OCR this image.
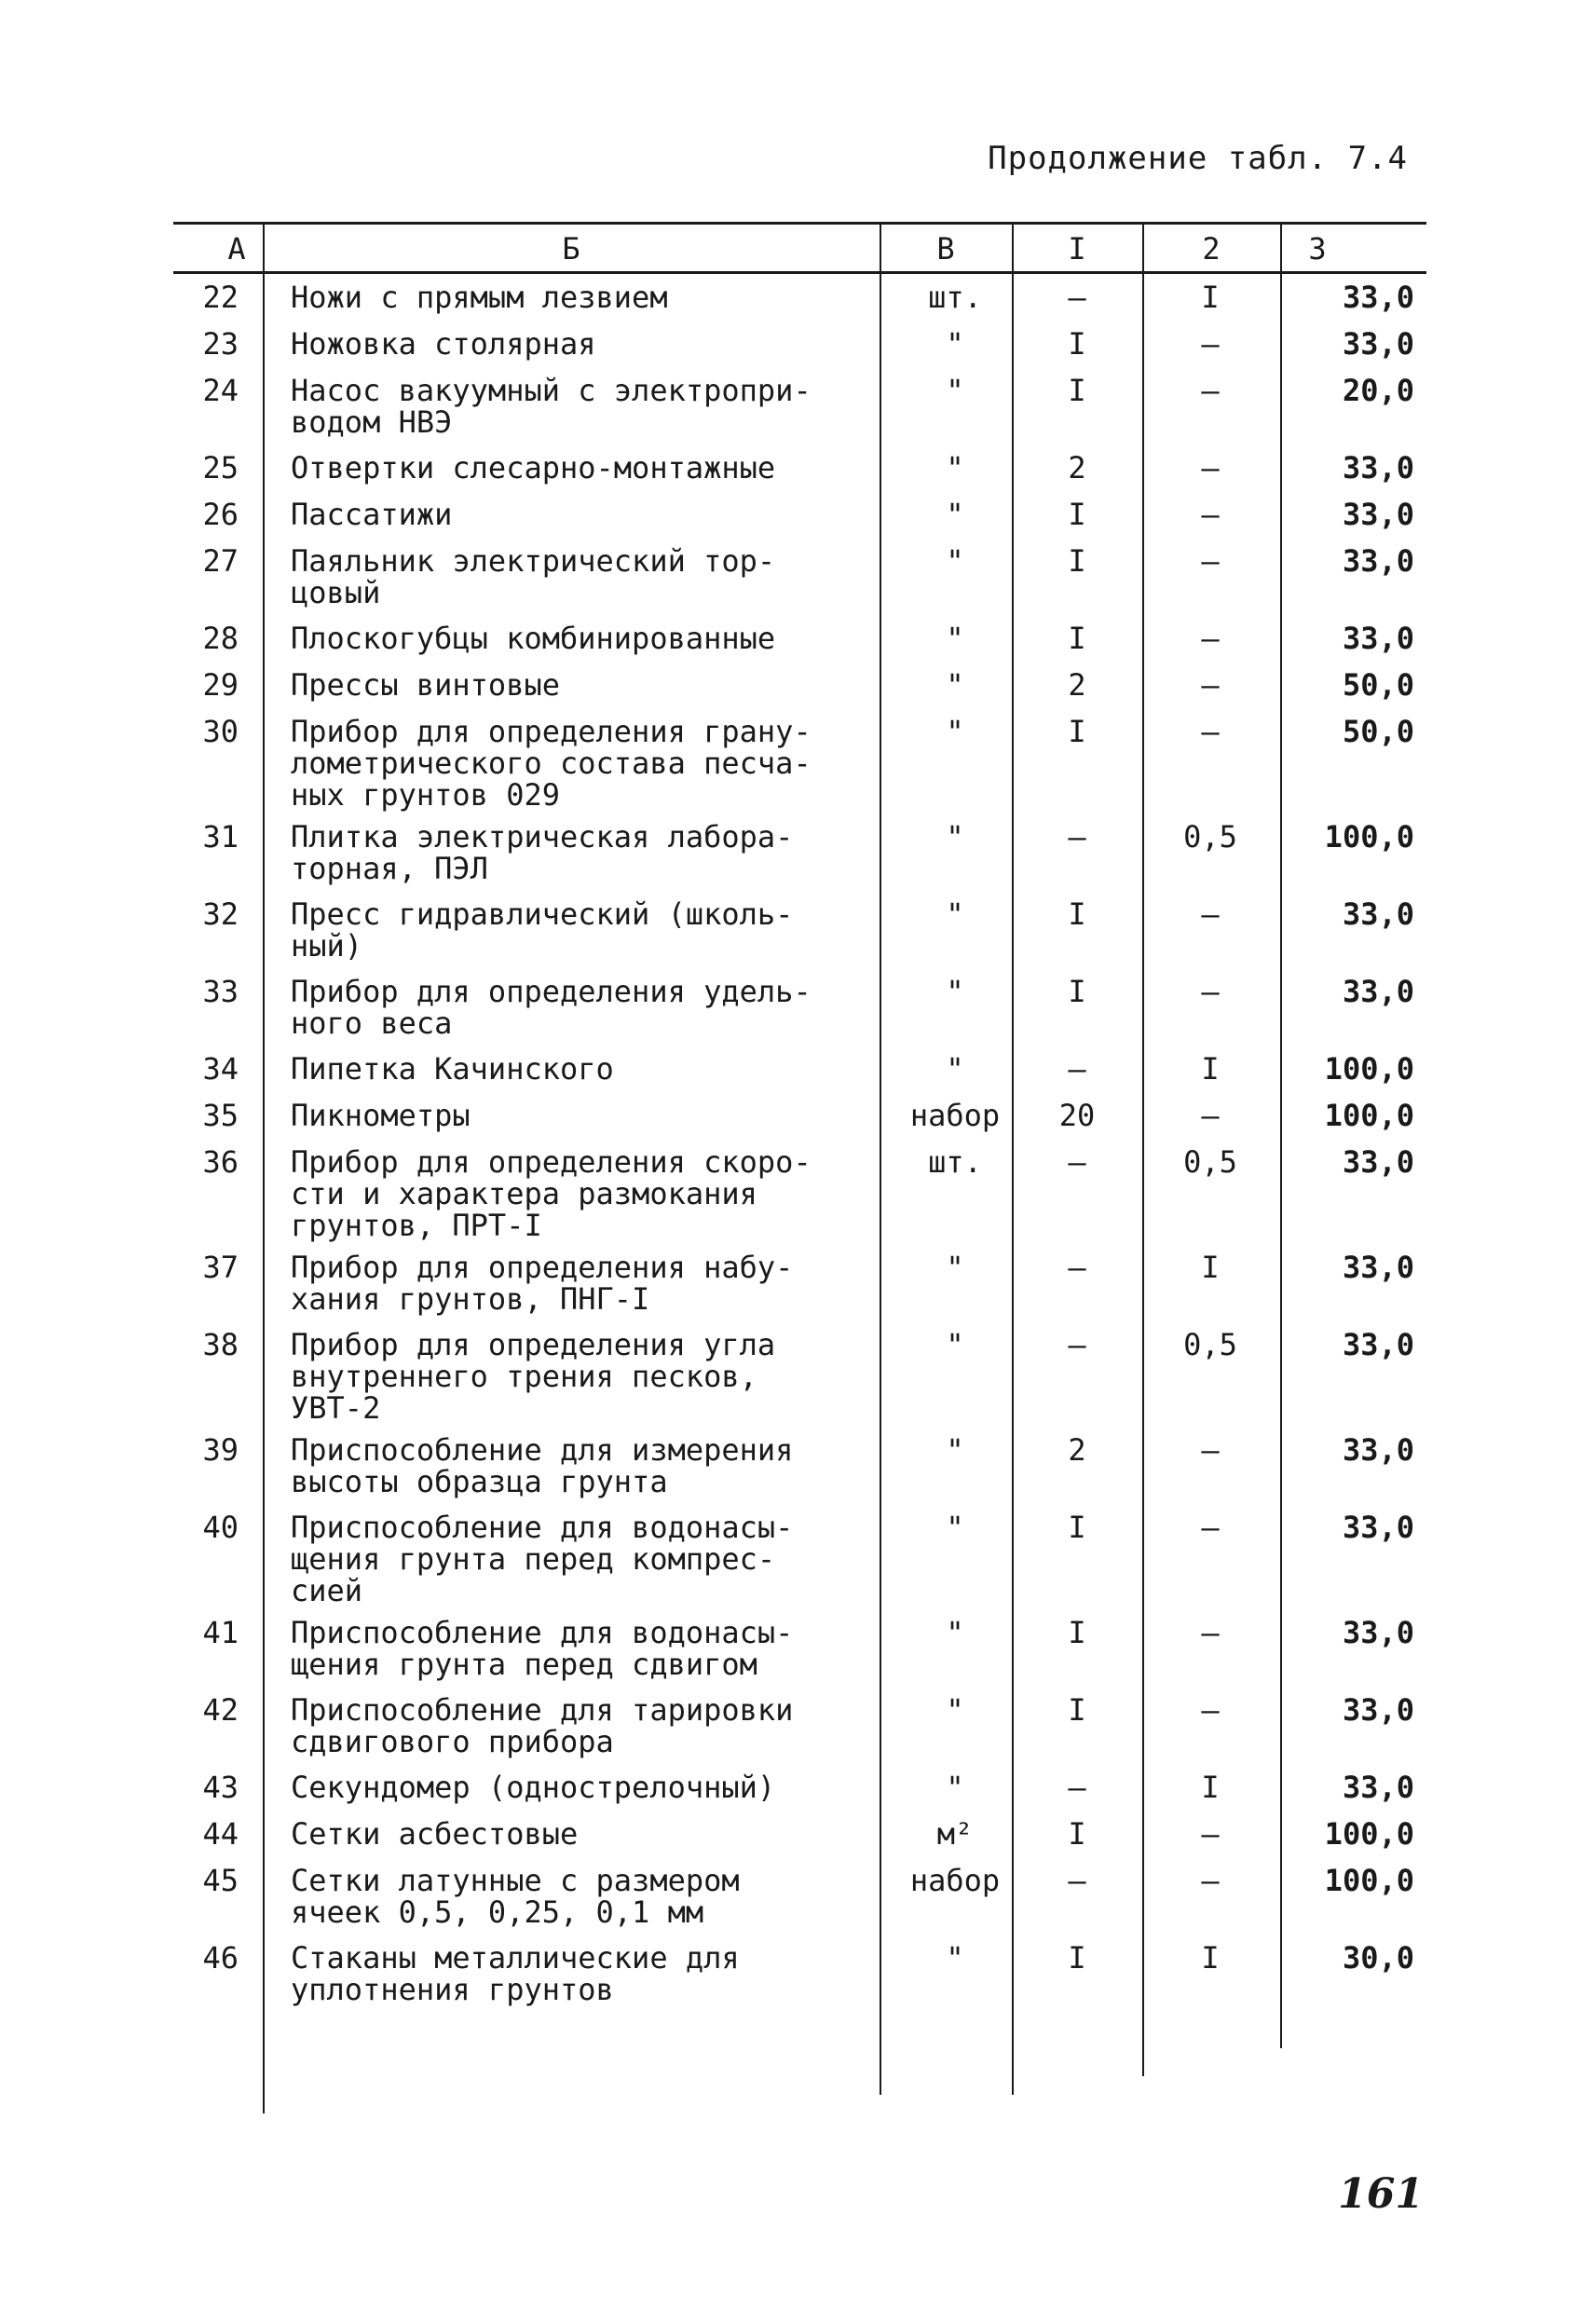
Продолжение табл. 7.4
А	Б	В	I	2	3
22 Ножи с прямым лезвием	шт.	–	I	33,0
23 Ножовка столярная	"	I	–	33,0
24 Насос вакуумный с электропри-
водом НВЭ
"	I	–	20,0
25 Отвертки слесарно-монтажные	"	2	–	33,0
26 Пассатижи	"	I	–	33,0
27 Паяльник электрический тор-
цовый
"	I	–	33,0
28 Плоскогубцы комбинированные	"	I	–	33,0
29 Прессы винтовые	"	2	–	50,0
30 Прибор для определения грану-
лометрического состава песча-
ных грунтов 029
"	I	–	50,0
31 Плитка электрическая лабора-
торная, ПЭЛ
"	–	0,5	100,0
32 Пресс гидравлический (школь-
ный)
"	I	–	33,0
33 Прибор для определения удель-
ного веса
"	I	–	33,0
34 Пипетка Качинского	"	–	I	100,0
35 Пикнометры	набор	20	–	100,0
36 Прибор для определения скоро-
сти и характера размокания
грунтов, ПРТ-I
шт.	–	0,5	33,0
37 Прибор для определения набу-
хания грунтов, ПНГ-I
"	–	I	33,0
38 Прибор для определения угла
внутреннего трения песков,
УВТ-2
"	–	0,5	33,0
39 Приспособление для измерения
высоты образца грунта
"	2	–	33,0
40 Приспособление для водонасы-
щения грунта перед компрес-
сией
"	I	–	33,0
41 Приспособление для водонасы-
щения грунта перед сдвигом
"	I	–	33,0
42 Приспособление для тарировки
сдвигового прибора
"	I	–	33,0
43 Секундомер (однострелочный)	"	–	I	33,0
44 Сетки асбестовые	м²	I	–	100,0
45 Сетки латунные с размером
ячеек 0,5, 0,25, 0,1 мм
набор	–	–	100,0
46 Стаканы металлические для
уплотнения грунтов
"	I	I	30,0
161
